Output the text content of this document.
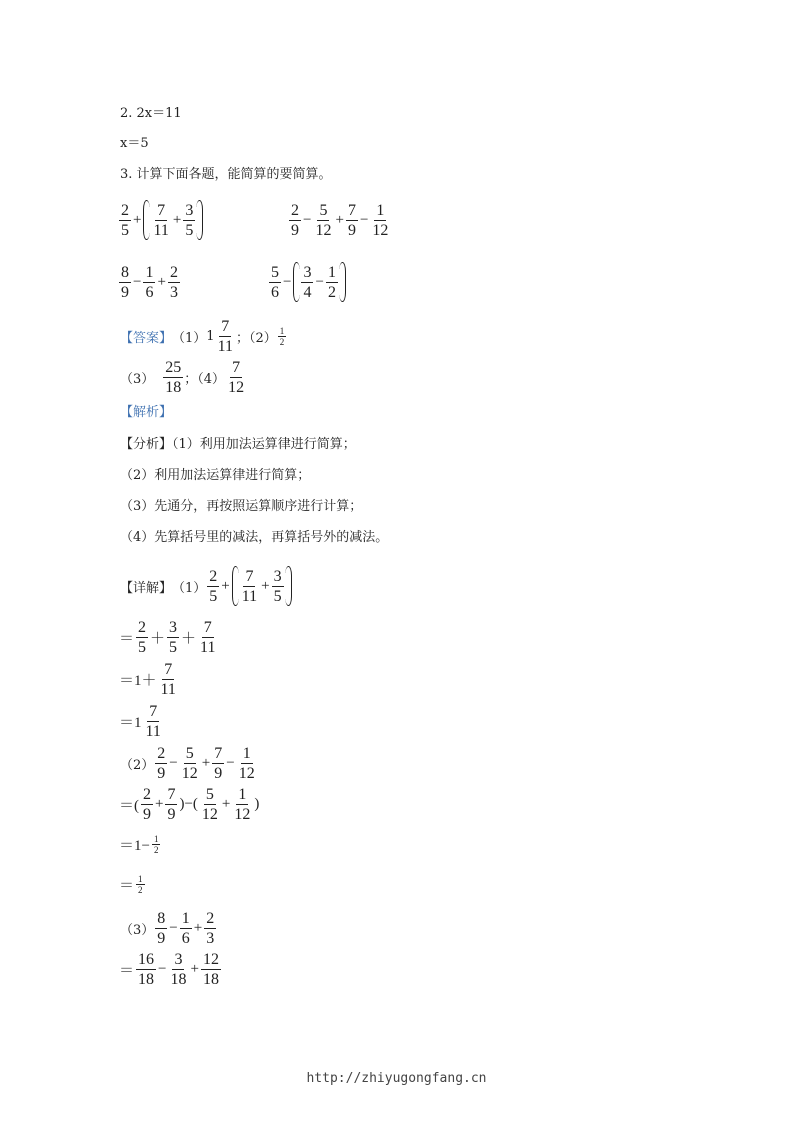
2. 2x＝11
x＝5
3. 计算下面各题，能简算的要简算。
$\frac{2}{5} + \frac{7}{11} + \frac{3}{5}$	$\frac{2}{9} - \frac{5}{12} + \frac{7}{9} - \frac{1}{12}$
$\frac{8}{9} - \frac{1}{6} + \frac{2}{3}$	$\frac{5}{6} - \frac{3}{4} - \frac{1}{2}$
【答案】 （1） $1 \frac{7}{11}$ ；$(2) \frac{1}{2}$
$(3) \frac{25}{18}$ ；$(4) \frac{7}{12}$
【解析】
【分析】（1）利用加法运算律进行简算；
（2）利用加法运算律进行简算；
（3）先通分，再按照运算顺序进行计算；
（4）先算括号里的减法，再算括号外的减法。
【详解】 $(1) \frac{2}{5} + \frac{7}{11} + \frac{3}{5}$
＝ $\frac{2}{5} + \frac{3}{5} + \frac{7}{11}$
$=1+ \frac{7}{11}$
$=1 \frac{7}{11}$
$(2) \frac{2}{9} - \frac{5}{12} + \frac{7}{9} - \frac{1}{12}$
＝( $\frac{2}{9} + \frac{7}{9}$ )−( $\frac{5}{12} + \frac{1}{12}$ )
$=1- \frac{1}{2}$
＝ $\frac{1}{2}$
$(3) \frac{8}{9} - \frac{1}{6} + \frac{2}{3}$
＝ $\frac{16}{18} - \frac{3}{18} + \frac{12}{18}$
http://zhiyugongfang.cn
